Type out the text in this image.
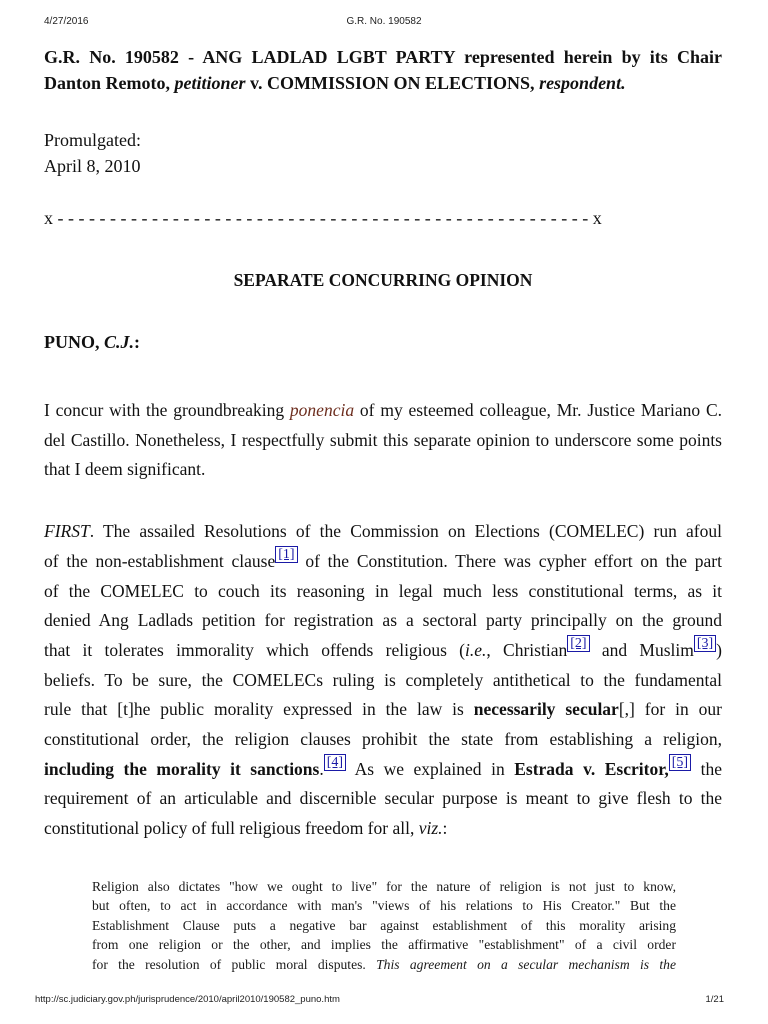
4/27/2016	G.R. No. 190582

G.R. No. 190582 - ANG LADLAD LGBT PARTY represented herein by its Chair Danton Remoto, petitioner v. COMMISSION ON ELECTIONS, respondent.

Promulgated:
April 8, 2010
x - - - - - - - - - - - - - - - - - - - - - - - - - - - - - - - - - - - - - - - - - - - - - - - - - - - x
SEPARATE CONCURRING OPINION
PUNO, C.J.:

I concur with the groundbreaking ponencia of my esteemed colleague, Mr. Justice Mariano C. del Castillo. Nonetheless, I respectfully submit this separate opinion to underscore some points that I deem significant.

FIRST. The assailed Resolutions of the Commission on Elections (COMELEC) run afoul
of the non-establishment clause [1] of the Constitution. There was cypher effort on the part
of the COMELEC to couch its reasoning in legal much less constitutional terms, as it
denied Ang Ladlads petition for registration as a sectoral party principally on the ground
that it tolerates immorality which offends religious (i.e., Christian [2] and Muslim [3] )
beliefs. To be sure, the COMELECs ruling is completely antithetical to the fundamental
rule that [t]he public morality expressed in the law is necessarily secular[,] for in our
constitutional order, the religion clauses prohibit the state from establishing a religion,
including the morality it sanctions. [4] As we explained in Estrada v. Escritor, [5] the
requirement of an articulable and discernible secular purpose is meant to give flesh to the
constitutional policy of full religious freedom for all, viz.:
Religion also dictates "how we ought to live" for the nature of religion is not just to know,
but often, to act in accordance with man's "views of his relations to His Creator." But the
Establishment Clause puts a negative bar against establishment of this morality arising
from one religion or the other, and implies the affirmative "establishment" of a civil order
for the resolution of public moral disputes. This agreement on a secular mechanism is the
http://sc.judiciary.gov.ph/jurisprudence/2010/april2010/190582_puno.htm	1/21
